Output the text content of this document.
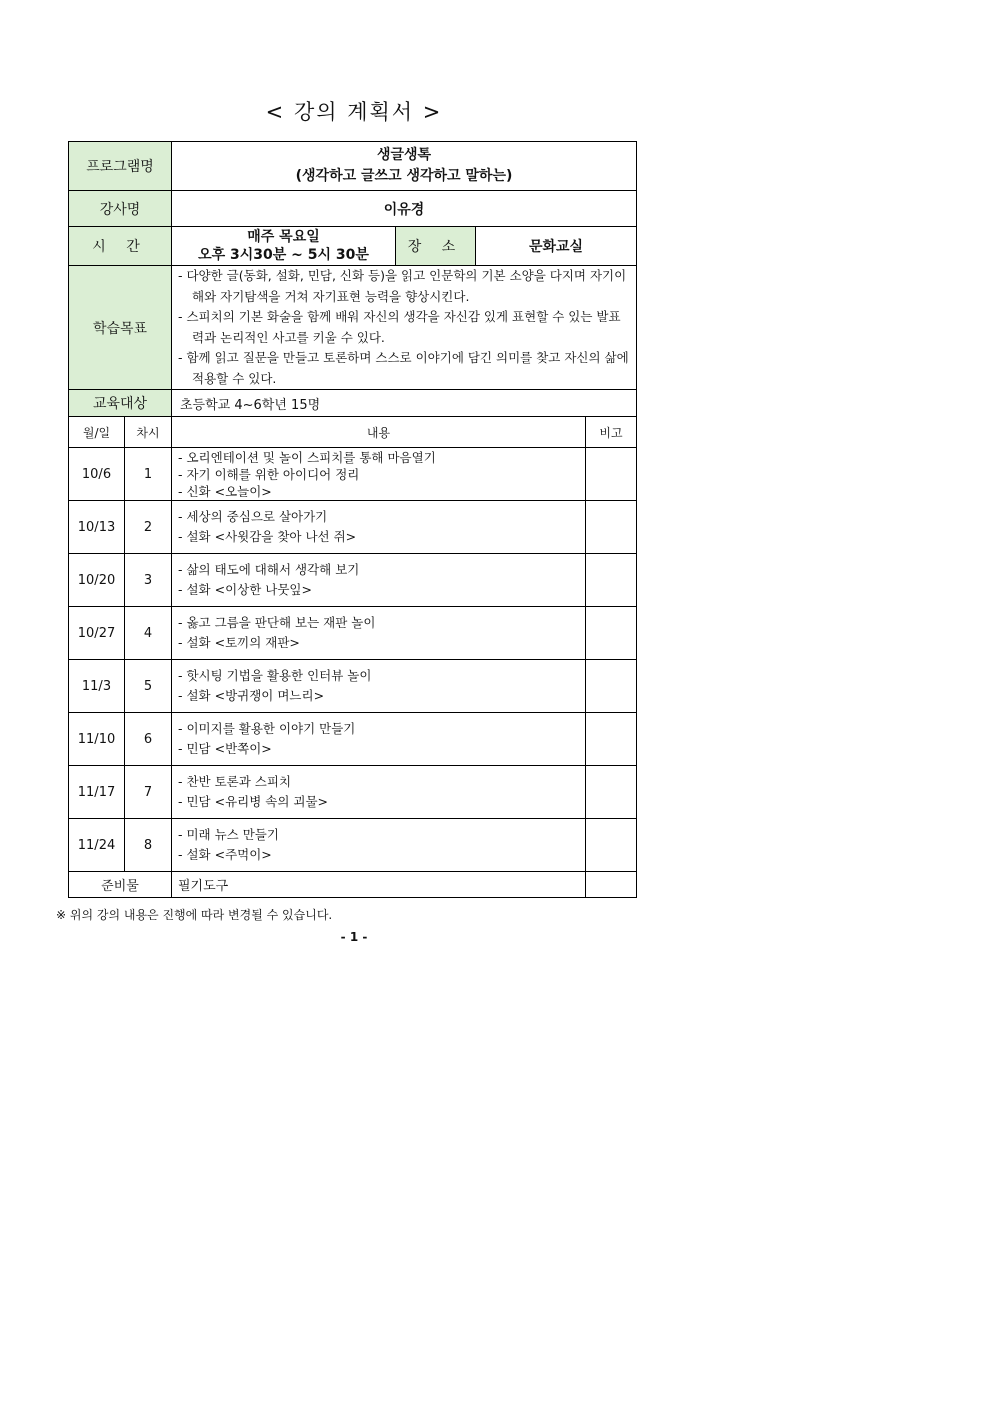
< 강의 계획서 >
프로그램명		생글생톡
(생각하고 글쓰고 생각하고 말하는)			

강사명		이유경			
시 간		매주 목요일
오후 3시30분 ~ 5시 30분	장 소	문화교실	
학습목표		- 다양한 글(동화, 설화, 민담, 신화 등)을 읽고 인문학의 기본 소양을 다지며 자기이해와 자기탐색을 거쳐 자기표현 능력을 향상시킨다.
- 스피치의 기본 화술을 함께 배워 자신의 생각을 자신감 있게 표현할 수 있는 발표력과 논리적인 사고를 키울 수 있다.
- 함께 읽고 질문을 만들고 토론하며 스스로 이야기에 담긴 의미를 찾고 자신의 삶에 적용할 수 있다.			

교육대상		초등학교 4~6학년 15명			
월/일	차시	내용			비고
10/6	1	- 오리엔테이션 및 놀이 스피치를 통해 마음열기
- 자기 이해를 위한 아이디어 정리
- 신화 <오늘이>			

10/13	2	- 세상의 중심으로 살아가기
- 설화 <사윗감을 찾아 나선 쥐>			

10/20	3	- 삶의 태도에 대해서 생각해 보기
- 설화 <이상한 나뭇잎>			

10/27	4	- 옳고 그름을 판단해 보는 재판 놀이
- 설화 <토끼의 재판>			

11/3	5	- 핫시팅 기법을 활용한 인터뷰 놀이
- 설화 <방귀쟁이 며느리>			

11/10	6	- 이미지를 활용한 이야기 만들기
- 민담 <반쪽이>			

11/17	7	- 찬반 토론과 스피치
- 민담 <유리병 속의 괴물>			

11/24	8	- 미래 뉴스 만들기
- 설화 <주먹이>			

준비물		필기도구			
※ 위의 강의 내용은 진행에 따라 변경될 수 있습니다.
- 1 -
